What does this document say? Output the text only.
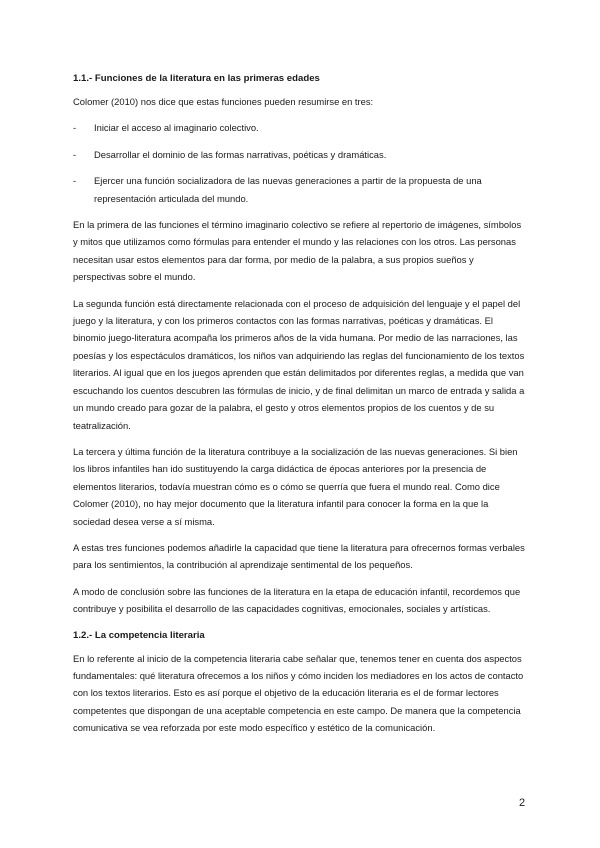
1.1.- Funciones de la literatura en las primeras edades

Colomer (2010) nos dice que estas funciones pueden resumirse en tres:

- Iniciar el acceso al imaginario colectivo.
- Desarrollar el dominio de las formas narrativas, poéticas y dramáticas.
- Ejercer una función socializadora de las nuevas generaciones a partir de la propuesta de una representación articulada del mundo.

En la primera de las funciones el término imaginario colectivo se refiere al repertorio de imágenes, símbolos y mitos que utilizamos como fórmulas para entender el mundo y las relaciones con los otros. Las personas necesitan usar estos elementos para dar forma, por medio de la palabra, a sus propios sueños y perspectivas sobre el mundo.

La segunda función está directamente relacionada con el proceso de adquisición del lenguaje y el papel del juego y la literatura, y con los primeros contactos con las formas narrativas, poéticas y dramáticas. El binomio juego-literatura acompaña los primeros años de la vida humana. Por medio de las narraciones, las poesías y los espectáculos dramáticos, los niños van adquiriendo las reglas del funcionamiento de los textos literarios. Al igual que en los juegos aprenden que están delimitados por diferentes reglas, a medida que van escuchando los cuentos descubren las fórmulas de inicio, y de final delimitan un marco de entrada y salida a un mundo creado para gozar de la palabra, el gesto y otros elementos propios de los cuentos y de su teatralización.

La tercera y última función de la literatura contribuye a la socialización de las nuevas generaciones. Si bien los libros infantiles han ido sustituyendo la carga didáctica de épocas anteriores por la presencia de elementos literarios, todavía muestran cómo es o cómo se querría que fuera el mundo real. Como dice Colomer (2010), no hay mejor documento que la literatura infantil para conocer la forma en la que la sociedad desea verse a sí misma.

A estas tres funciones podemos añadirle la capacidad que tiene la literatura para ofrecernos formas verbales para los sentimientos, la contribución al aprendizaje sentimental de los pequeños.

A modo de conclusión sobre las funciones de la literatura en la etapa de educación infantil, recordemos que contribuye y posibilita el desarrollo de las capacidades cognitivas, emocionales, sociales y artísticas.

1.2.- La competencia literaria

En lo referente al inicio de la competencia literaria cabe señalar que, tenemos tener en cuenta dos aspectos fundamentales: qué literatura ofrecemos a los niños y cómo inciden los mediadores en los actos de contacto con los textos literarios. Esto es así porque el objetivo de la educación literaria es el de formar lectores competentes que dispongan de una aceptable competencia en este campo. De manera que la competencia comunicativa se vea reforzada por este modo específico y estético de la comunicación.

2
